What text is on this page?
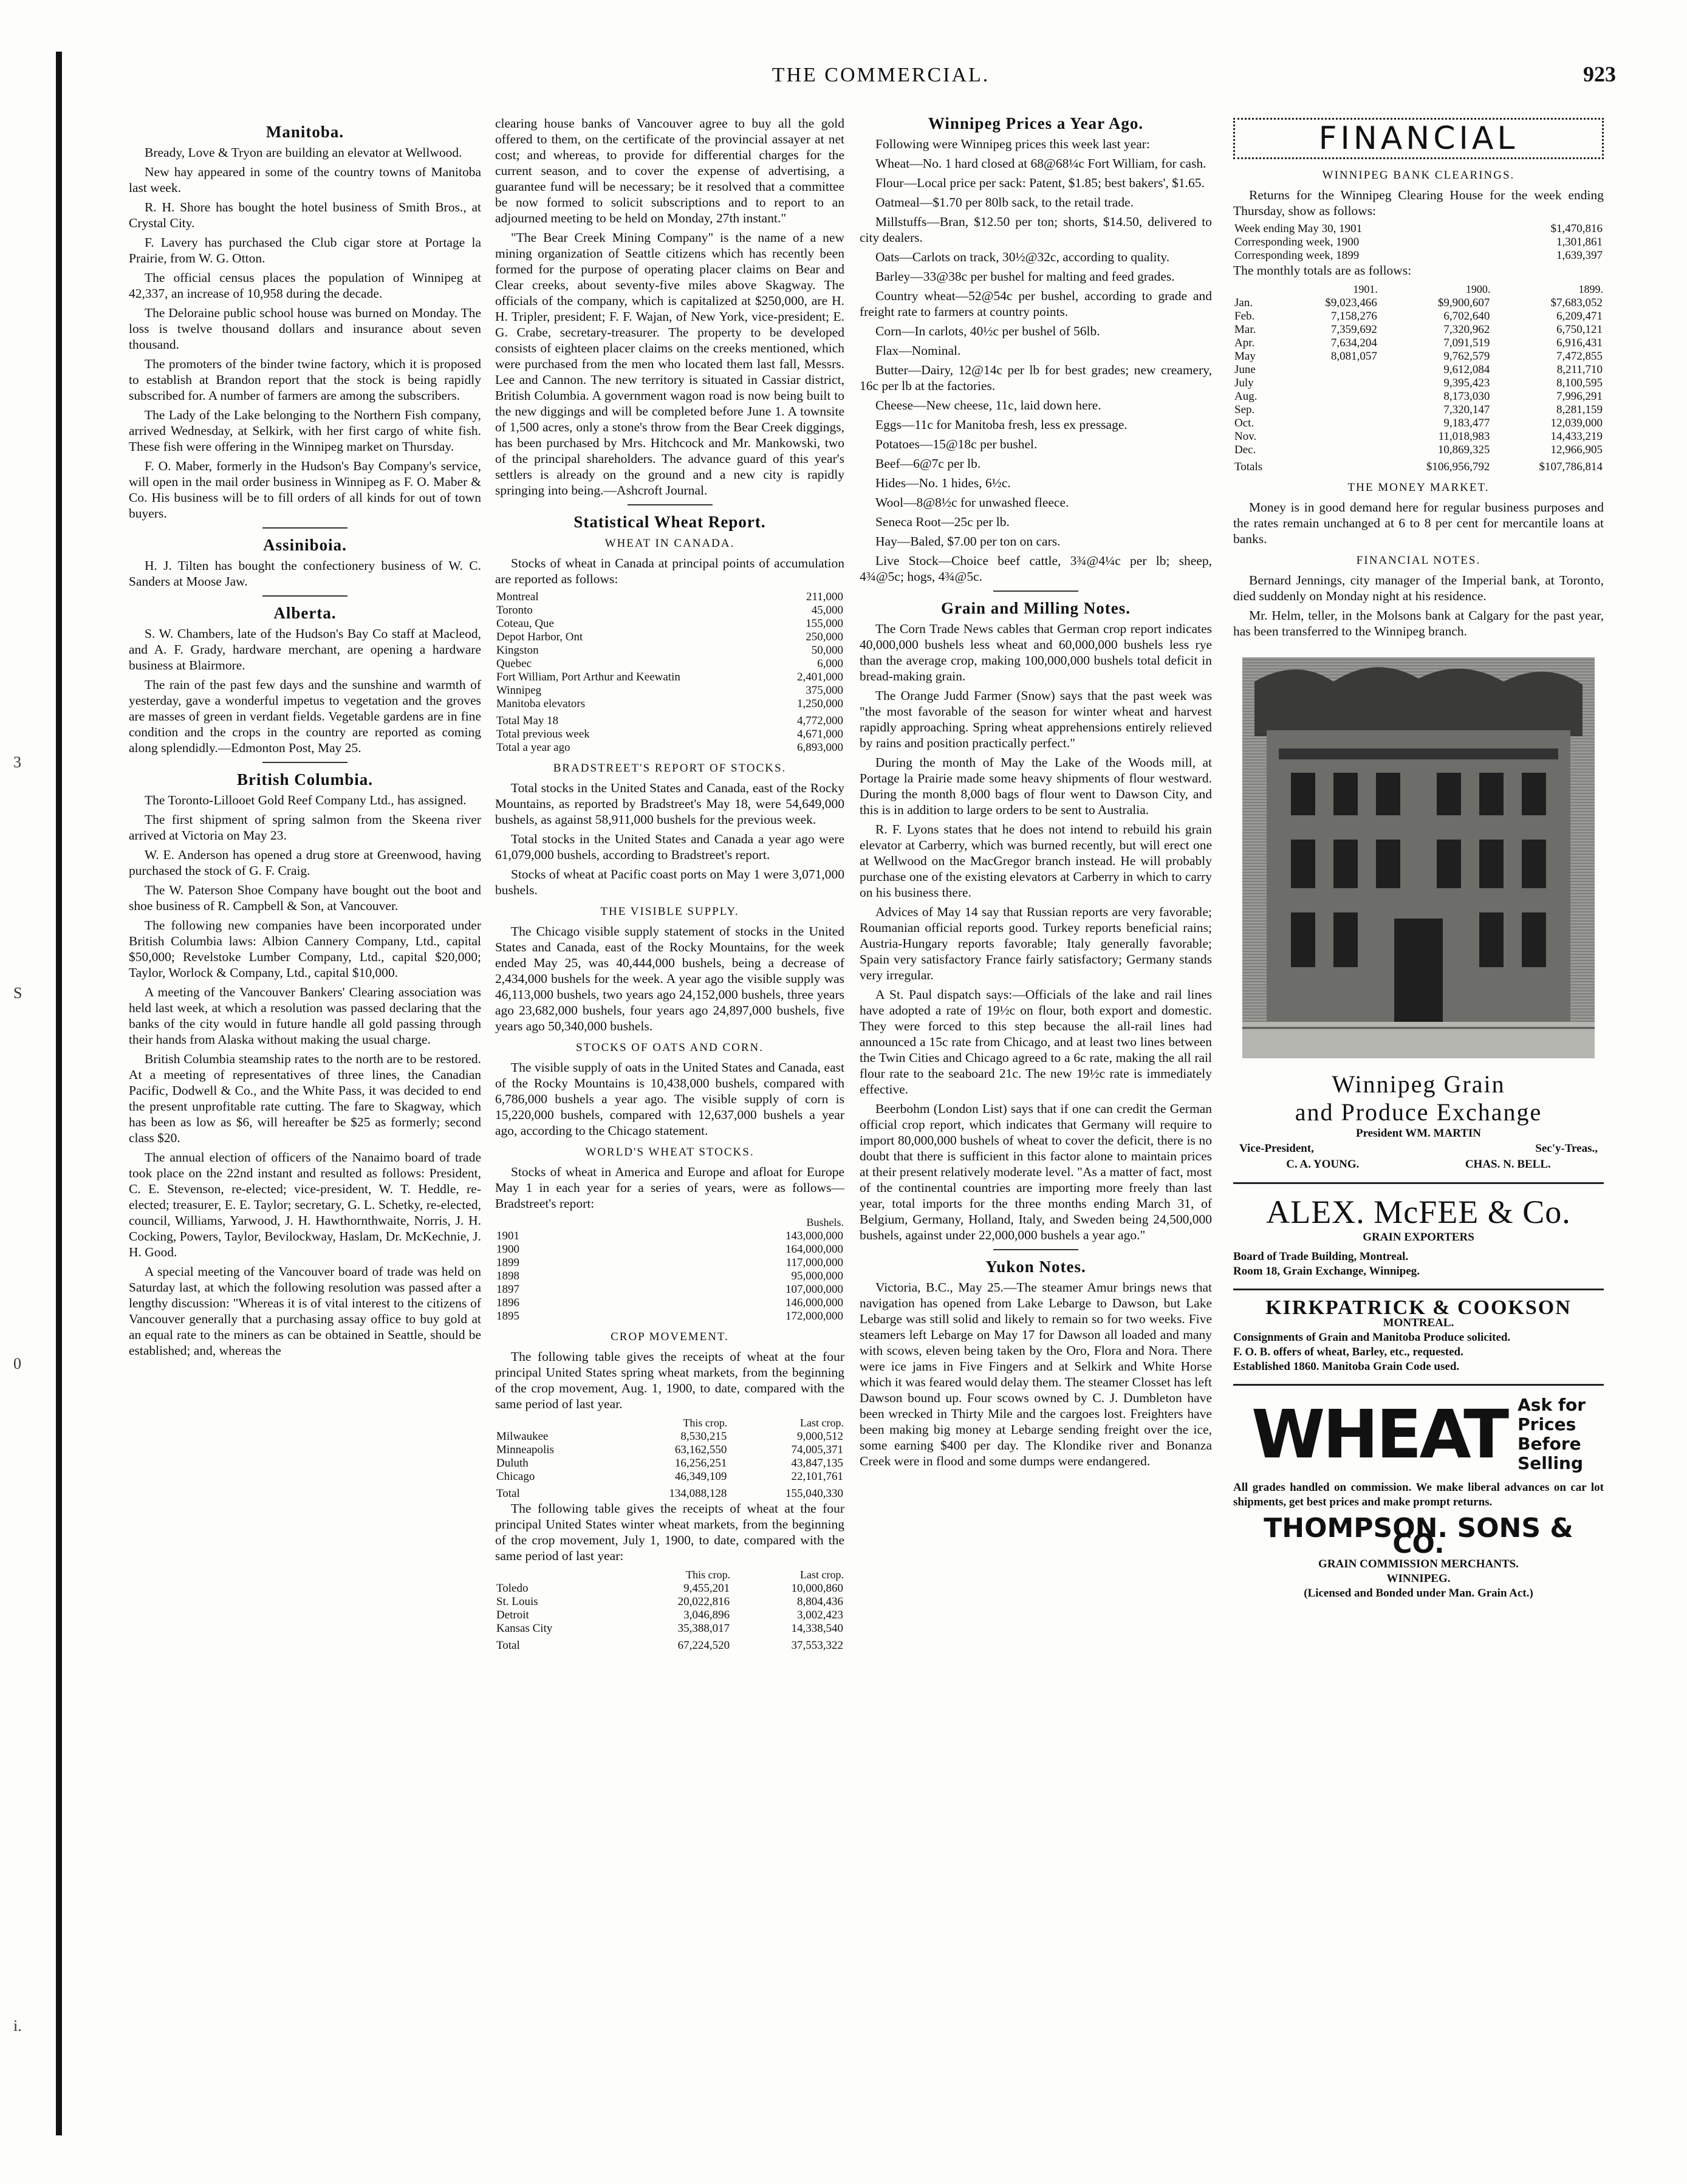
3
S
0
i.
THE COMMERCIAL.	923
Manitoba.

Bready, Love & Tryon are building an elevator at Wellwood.

New hay appeared in some of the country towns of Manitoba last week.

R. H. Shore has bought the hotel business of Smith Bros., at Crystal City.

F. Lavery has purchased the Club cigar store at Portage la Prairie, from W. G. Otton.

The official census places the population of Winnipeg at 42,337, an increase of 10,958 during the decade.

The Deloraine public school house was burned on Monday. The loss is twelve thousand dollars and insurance about seven thousand.

The promoters of the binder twine factory, which it is proposed to establish at Brandon report that the stock is being rapidly subscribed for. A number of farmers are among the subscribers.

The Lady of the Lake belonging to the Northern Fish company, arrived Wednesday, at Selkirk, with her first cargo of white fish. These fish were offering in the Winnipeg market on Thursday.

F. O. Maber, formerly in the Hudson's Bay Company's service, will open in the mail order business in Winnipeg as F. O. Maber & Co. His business will be to fill orders of all kinds for out of town buyers.

Assiniboia.

H. J. Tilten has bought the confectionery business of W. C. Sanders at Moose Jaw.

Alberta.

S. W. Chambers, late of the Hudson's Bay Co staff at Macleod, and A. F. Grady, hardware merchant, are opening a hardware business at Blairmore.

The rain of the past few days and the sunshine and warmth of yesterday, gave a wonderful impetus to vegetation and the groves are masses of green in verdant fields. Vegetable gardens are in fine condition and the crops in the country are reported as coming along splendidly.—Edmonton Post, May 25.

British Columbia.

The Toronto-Lillooet Gold Reef Company Ltd., has assigned.

The first shipment of spring salmon from the Skeena river arrived at Victoria on May 23.

W. E. Anderson has opened a drug store at Greenwood, having purchased the stock of G. F. Craig.

The W. Paterson Shoe Company have bought out the boot and shoe business of R. Campbell & Son, at Vancouver.

The following new companies have been incorporated under British Columbia laws: Albion Cannery Company, Ltd., capital $50,000; Revelstoke Lumber Company, Ltd., capital $20,000; Taylor, Worlock & Company, Ltd., capital $10,000.

A meeting of the Vancouver Bankers' Clearing association was held last week, at which a resolution was passed declaring that the banks of the city would in future handle all gold passing through their hands from Alaska without making the usual charge.

British Columbia steamship rates to the north are to be restored. At a meeting of representatives of three lines, the Canadian Pacific, Dodwell & Co., and the White Pass, it was decided to end the present unprofitable rate cutting. The fare to Skagway, which has been as low as $6, will hereafter be $25 as formerly; second class $20.

The annual election of officers of the Nanaimo board of trade took place on the 22nd instant and resulted as follows: President, C. E. Stevenson, re-elected; vice-president, W. T. Heddle, re-elected; treasurer, E. E. Taylor; secretary, G. L. Schetky, re-elected, council, Williams, Yarwood, J. H. Hawthornthwaite, Norris, J. H. Cocking, Powers, Taylor, Bevilockway, Haslam, Dr. McKechnie, J. H. Good.

A special meeting of the Vancouver board of trade was held on Saturday last, at which the following resolution was passed after a lengthy discussion: "Whereas it is of vital interest to the citizens of Vancouver generally that a purchasing assay office to buy gold at an equal rate to the miners as can be obtained in Seattle, should be established; and, whereas the

clearing house banks of Vancouver agree to buy all the gold offered to them, on the certificate of the provincial assayer at net cost; and whereas, to provide for differential charges for the current season, and to cover the expense of advertising, a guarantee fund will be necessary; be it resolved that a committee be now formed to solicit subscriptions and to report to an adjourned meeting to be held on Monday, 27th instant."

"The Bear Creek Mining Company" is the name of a new mining organization of Seattle citizens which has recently been formed for the purpose of operating placer claims on Bear and Clear creeks, about seventy-five miles above Skagway. The officials of the company, which is capitalized at $250,000, are H. H. Tripler, president; F. F. Wajan, of New York, vice-president; E. G. Crabe, secretary-treasurer. The property to be developed consists of eighteen placer claims on the creeks mentioned, which were purchased from the men who located them last fall, Messrs. Lee and Cannon. The new territory is situated in Cassiar district, British Columbia. A government wagon road is now being built to the new diggings and will be completed before June 1. A townsite of 1,500 acres, only a stone's throw from the Bear Creek diggings, has been purchased by Mrs. Hitchcock and Mr. Mankowski, two of the principal shareholders. The advance guard of this year's settlers is already on the ground and a new city is rapidly springing into being.—Ashcroft Journal.

Statistical Wheat Report.
WHEAT IN CANADA.

Stocks of wheat in Canada at principal points of accumulation are reported as follows:

Montreal	211,000
Toronto	45,000
Coteau, Que	155,000
Depot Harbor, Ont	250,000
Kingston	50,000
Quebec	6,000
Fort William, Port Arthur and Keewatin	2,401,000
Winnipeg	375,000
Manitoba elevators	1,250,000
Total May 18	4,772,000
Total previous week	4,671,000
Total a year ago	6,893,000
BRADSTREET'S REPORT OF STOCKS.

Total stocks in the United States and Canada, east of the Rocky Mountains, as reported by Bradstreet's May 18, were 54,649,000 bushels, as against 58,911,000 bushels for the previous week.

Total stocks in the United States and Canada a year ago were 61,079,000 bushels, according to Bradstreet's report.

Stocks of wheat at Pacific coast ports on May 1 were 3,071,000 bushels.

THE VISIBLE SUPPLY.

The Chicago visible supply statement of stocks in the United States and Canada, east of the Rocky Mountains, for the week ended May 25, was 40,444,000 bushels, being a decrease of 2,434,000 bushels for the week. A year ago the visible supply was 46,113,000 bushels, two years ago 24,152,000 bushels, three years ago 23,682,000 bushels, four years ago 24,897,000 bushels, five years ago 50,340,000 bushels.

STOCKS OF OATS AND CORN.

The visible supply of oats in the United States and Canada, east of the Rocky Mountains is 10,438,000 bushels, compared with 6,786,000 bushels a year ago. The visible supply of corn is 15,220,000 bushels, compared with 12,637,000 bushels a year ago, according to the Chicago statement.

WORLD'S WHEAT STOCKS.

Stocks of wheat in America and Europe and afloat for Europe May 1 in each year for a series of years, were as follows—Bradstreet's report:

	Bushels.
1901	143,000,000
1900	164,000,000
1899	117,000,000
1898	95,000,000
1897	107,000,000
1896	146,000,000
1895	172,000,000
CROP MOVEMENT.

The following table gives the receipts of wheat at the four principal United States spring wheat markets, from the beginning of the crop movement, Aug. 1, 1900, to date, compared with the same period of last year.

	This crop.	Last crop.
Milwaukee	8,530,215	9,000,512
Minneapolis	63,162,550	74,005,371
Duluth	16,256,251	43,847,135
Chicago	46,349,109	22,101,761
Total	134,088,128	155,040,330

The following table gives the receipts of wheat at the four principal United States winter wheat markets, from the beginning of the crop movement, July 1, 1900, to date, compared with the same period of last year:

	This crop.	Last crop.
Toledo	9,455,201	10,000,860
St. Louis	20,022,816	8,804,436
Detroit	3,046,896	3,002,423
Kansas City	35,388,017	14,338,540
Total	67,224,520	37,553,322
Winnipeg Prices a Year Ago.

Following were Winnipeg prices this week last year:

Wheat—No. 1 hard closed at 68@68¼c Fort William, for cash.

Flour—Local price per sack: Patent, $1.85; best bakers', $1.65.

Oatmeal—$1.70 per 80lb sack, to the retail trade.

Millstuffs—Bran, $12.50 per ton; shorts, $14.50, delivered to city dealers.

Oats—Carlots on track, 30½@32c, according to quality.

Barley—33@38c per bushel for malting and feed grades.

Country wheat—52@54c per bushel, according to grade and freight rate to farmers at country points.

Corn—In carlots, 40½c per bushel of 56lb.

Flax—Nominal.

Butter—Dairy, 12@14c per lb for best grades; new creamery, 16c per lb at the factories.

Cheese—New cheese, 11c, laid down here.

Eggs—11c for Manitoba fresh, less ex pressage.

Potatoes—15@18c per bushel.

Beef—6@7c per lb.

Hides—No. 1 hides, 6½c.

Wool—8@8½c for unwashed fleece.

Seneca Root—25c per lb.

Hay—Baled, $7.00 per ton on cars.

Live Stock—Choice beef cattle, 3¾@4¼c per lb; sheep, 4¾@5c; hogs, 4¾@5c.

Grain and Milling Notes.

The Corn Trade News cables that German crop report indicates 40,000,000 bushels less wheat and 60,000,000 bushels less rye than the average crop, making 100,000,000 bushels total deficit in bread-making grain.

The Orange Judd Farmer (Snow) says that the past week was "the most favorable of the season for winter wheat and harvest rapidly approaching. Spring wheat apprehensions entirely relieved by rains and position practically perfect."

During the month of May the Lake of the Woods mill, at Portage la Prairie made some heavy shipments of flour westward. During the month 8,000 bags of flour went to Dawson City, and this is in addition to large orders to be sent to Australia.

R. F. Lyons states that he does not intend to rebuild his grain elevator at Carberry, which was burned recently, but will erect one at Wellwood on the MacGregor branch instead. He will probably purchase one of the existing elevators at Carberry in which to carry on his business there.

Advices of May 14 say that Russian reports are very favorable; Roumanian official reports good. Turkey reports beneficial rains; Austria-Hungary reports favorable; Italy generally favorable; Spain very satisfactory France fairly satisfactory; Germany stands very irregular.

A St. Paul dispatch says:—Officials of the lake and rail lines have adopted a rate of 19½c on flour, both export and domestic. They were forced to this step because the all-rail lines had announced a 15c rate from Chicago, and at least two lines between the Twin Cities and Chicago agreed to a 6c rate, making the all rail flour rate to the seaboard 21c. The new 19½c rate is immediately effective.

Beerbohm (London List) says that if one can credit the German official crop report, which indicates that Germany will require to import 80,000,000 bushels of wheat to cover the deficit, there is no doubt that there is sufficient in this factor alone to maintain prices at their present relatively moderate level. "As a matter of fact, most of the continental countries are importing more freely than last year, total imports for the three months ending March 31, of Belgium, Germany, Holland, Italy, and Sweden being 24,500,000 bushels, against under 22,000,000 bushels a year ago."

Yukon Notes.

Victoria, B.C., May 25.—The steamer Amur brings news that navigation has opened from Lake Lebarge to Dawson, but Lake Lebarge was still solid and likely to remain so for two weeks. Five steamers left Lebarge on May 17 for Dawson all loaded and many with scows, eleven being taken by the Oro, Flora and Nora. There were ice jams in Five Fingers and at Selkirk and White Horse which it was feared would delay them. The steamer Closset has left Dawson bound up. Four scows owned by C. J. Dumbleton have been wrecked in Thirty Mile and the cargoes lost. Freighters have been making big money at Lebarge sending freight over the ice, some earning $400 per day. The Klondike river and Bonanza Creek were in flood and some dumps were endangered.

FINANCIAL
WINNIPEG BANK CLEARINGS.

Returns for the Winnipeg Clearing House for the week ending Thursday, show as follows:

Week ending May 30, 1901	$1,470,816
Corresponding week, 1900	1,301,861
Corresponding week, 1899	1,639,397

The monthly totals are as follows:

	1901.	1900.	1899.
Jan.	$9,023,466	$9,900,607	$7,683,052
Feb.	7,158,276	6,702,640	6,209,471
Mar.	7,359,692	7,320,962	6,750,121
Apr.	7,634,204	7,091,519	6,916,431
May	8,081,057	9,762,579	7,472,855
June		9,612,084	8,211,710
July		9,395,423	8,100,595
Aug.		8,173,030	7,996,291
Sep.		7,320,147	8,281,159
Oct.		9,183,477	12,039,000
Nov.		11,018,983	14,433,219
Dec.		10,869,325	12,966,905
Totals		$106,956,792	$107,786,814
THE MONEY MARKET.

Money is in good demand here for regular business purposes and the rates remain unchanged at 6 to 8 per cent for mercantile loans at banks.

FINANCIAL NOTES.

Bernard Jennings, city manager of the Imperial bank, at Toronto, died suddenly on Monday night at his residence.

Mr. Helm, teller, in the Molsons bank at Calgary for the past year, has been transferred to the Winnipeg branch.

Winnipeg Grain
and Produce Exchange
President WM. MARTIN
Vice-President,	Sec'y-Treas.,
C. A. YOUNG.	CHAS. N. BELL.
ALEX. McFEE & Co.
GRAIN EXPORTERS
Board of Trade Building, Montreal.
Room 18, Grain Exchange, Winnipeg.
KIRKPATRICK & COOKSON
MONTREAL.
Consignments of Grain and Manitoba Produce solicited.
F. O. B. offers of wheat, Barley, etc., requested.
Established 1860. Manitoba Grain Code used.
WHEAT Ask for
Prices
Before
Selling
All grades handled on commission. We make liberal advances on car lot shipments, get best prices and make prompt returns.
THOMPSON. SONS & CO.
GRAIN COMMISSION MERCHANTS.
WINNIPEG.
(Licensed and Bonded under Man. Grain Act.)
